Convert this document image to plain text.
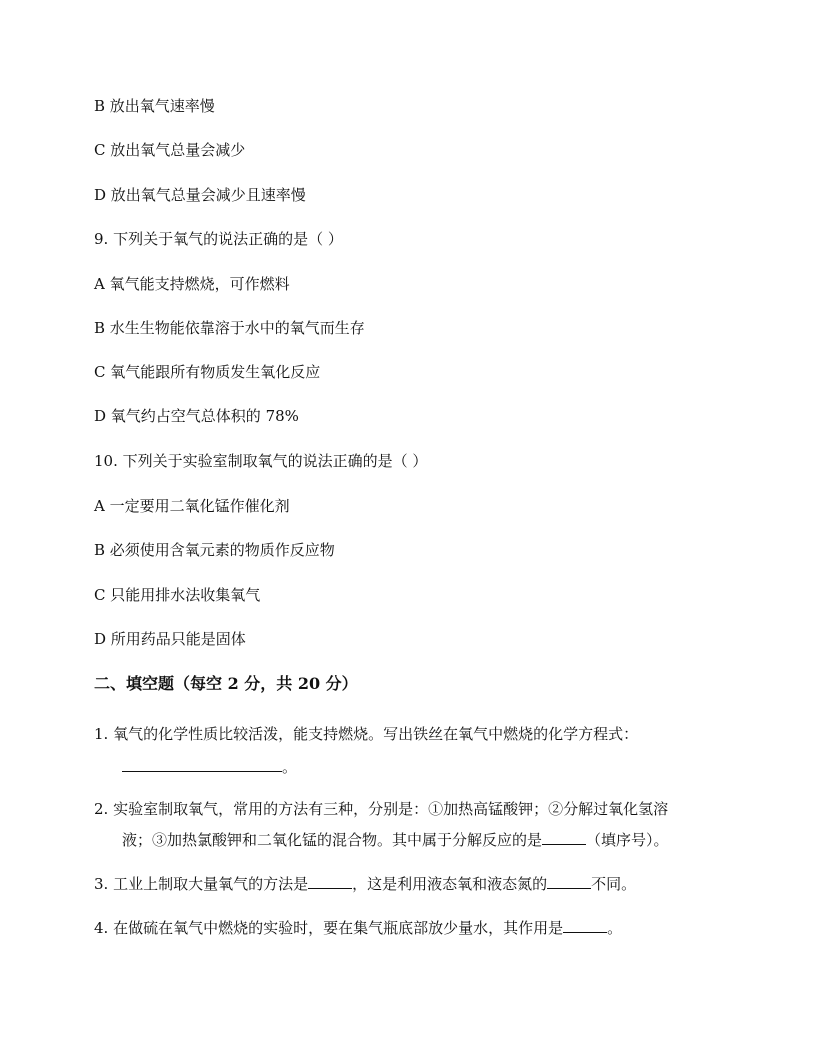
B 放出氧气速率慢
C 放出氧气总量会减少
D 放出氧气总量会减少且速率慢
9. 下列关于氧气的说法正确的是（ ）
A 氧气能支持燃烧，可作燃料
B 水生生物能依靠溶于水中的氧气而生存
C 氧气能跟所有物质发生氧化反应
D 氧气约占空气总体积的 78%
10. 下列关于实验室制取氧气的说法正确的是（ ）
A 一定要用二氧化锰作催化剂
B 必须使用含氧元素的物质作反应物
C 只能用排水法收集氧气
D 所用药品只能是固体
二、填空题（每空 2 分，共 20 分）
1. 氧气的化学性质比较活泼，能支持燃烧。写出铁丝在氧气中燃烧的化学方程式：
。
2. 实验室制取氧气，常用的方法有三种，分别是：①加热高锰酸钾；②分解过氧化氢溶
液；③加热氯酸钾和二氧化锰的混合物。其中属于分解反应的是	（填序号）。
3. 工业上制取大量氧气的方法是	，这是利用液态氧和液态氮的	不同。
4. 在做硫在氧气中燃烧的实验时，要在集气瓶底部放少量水，其作用是	。
